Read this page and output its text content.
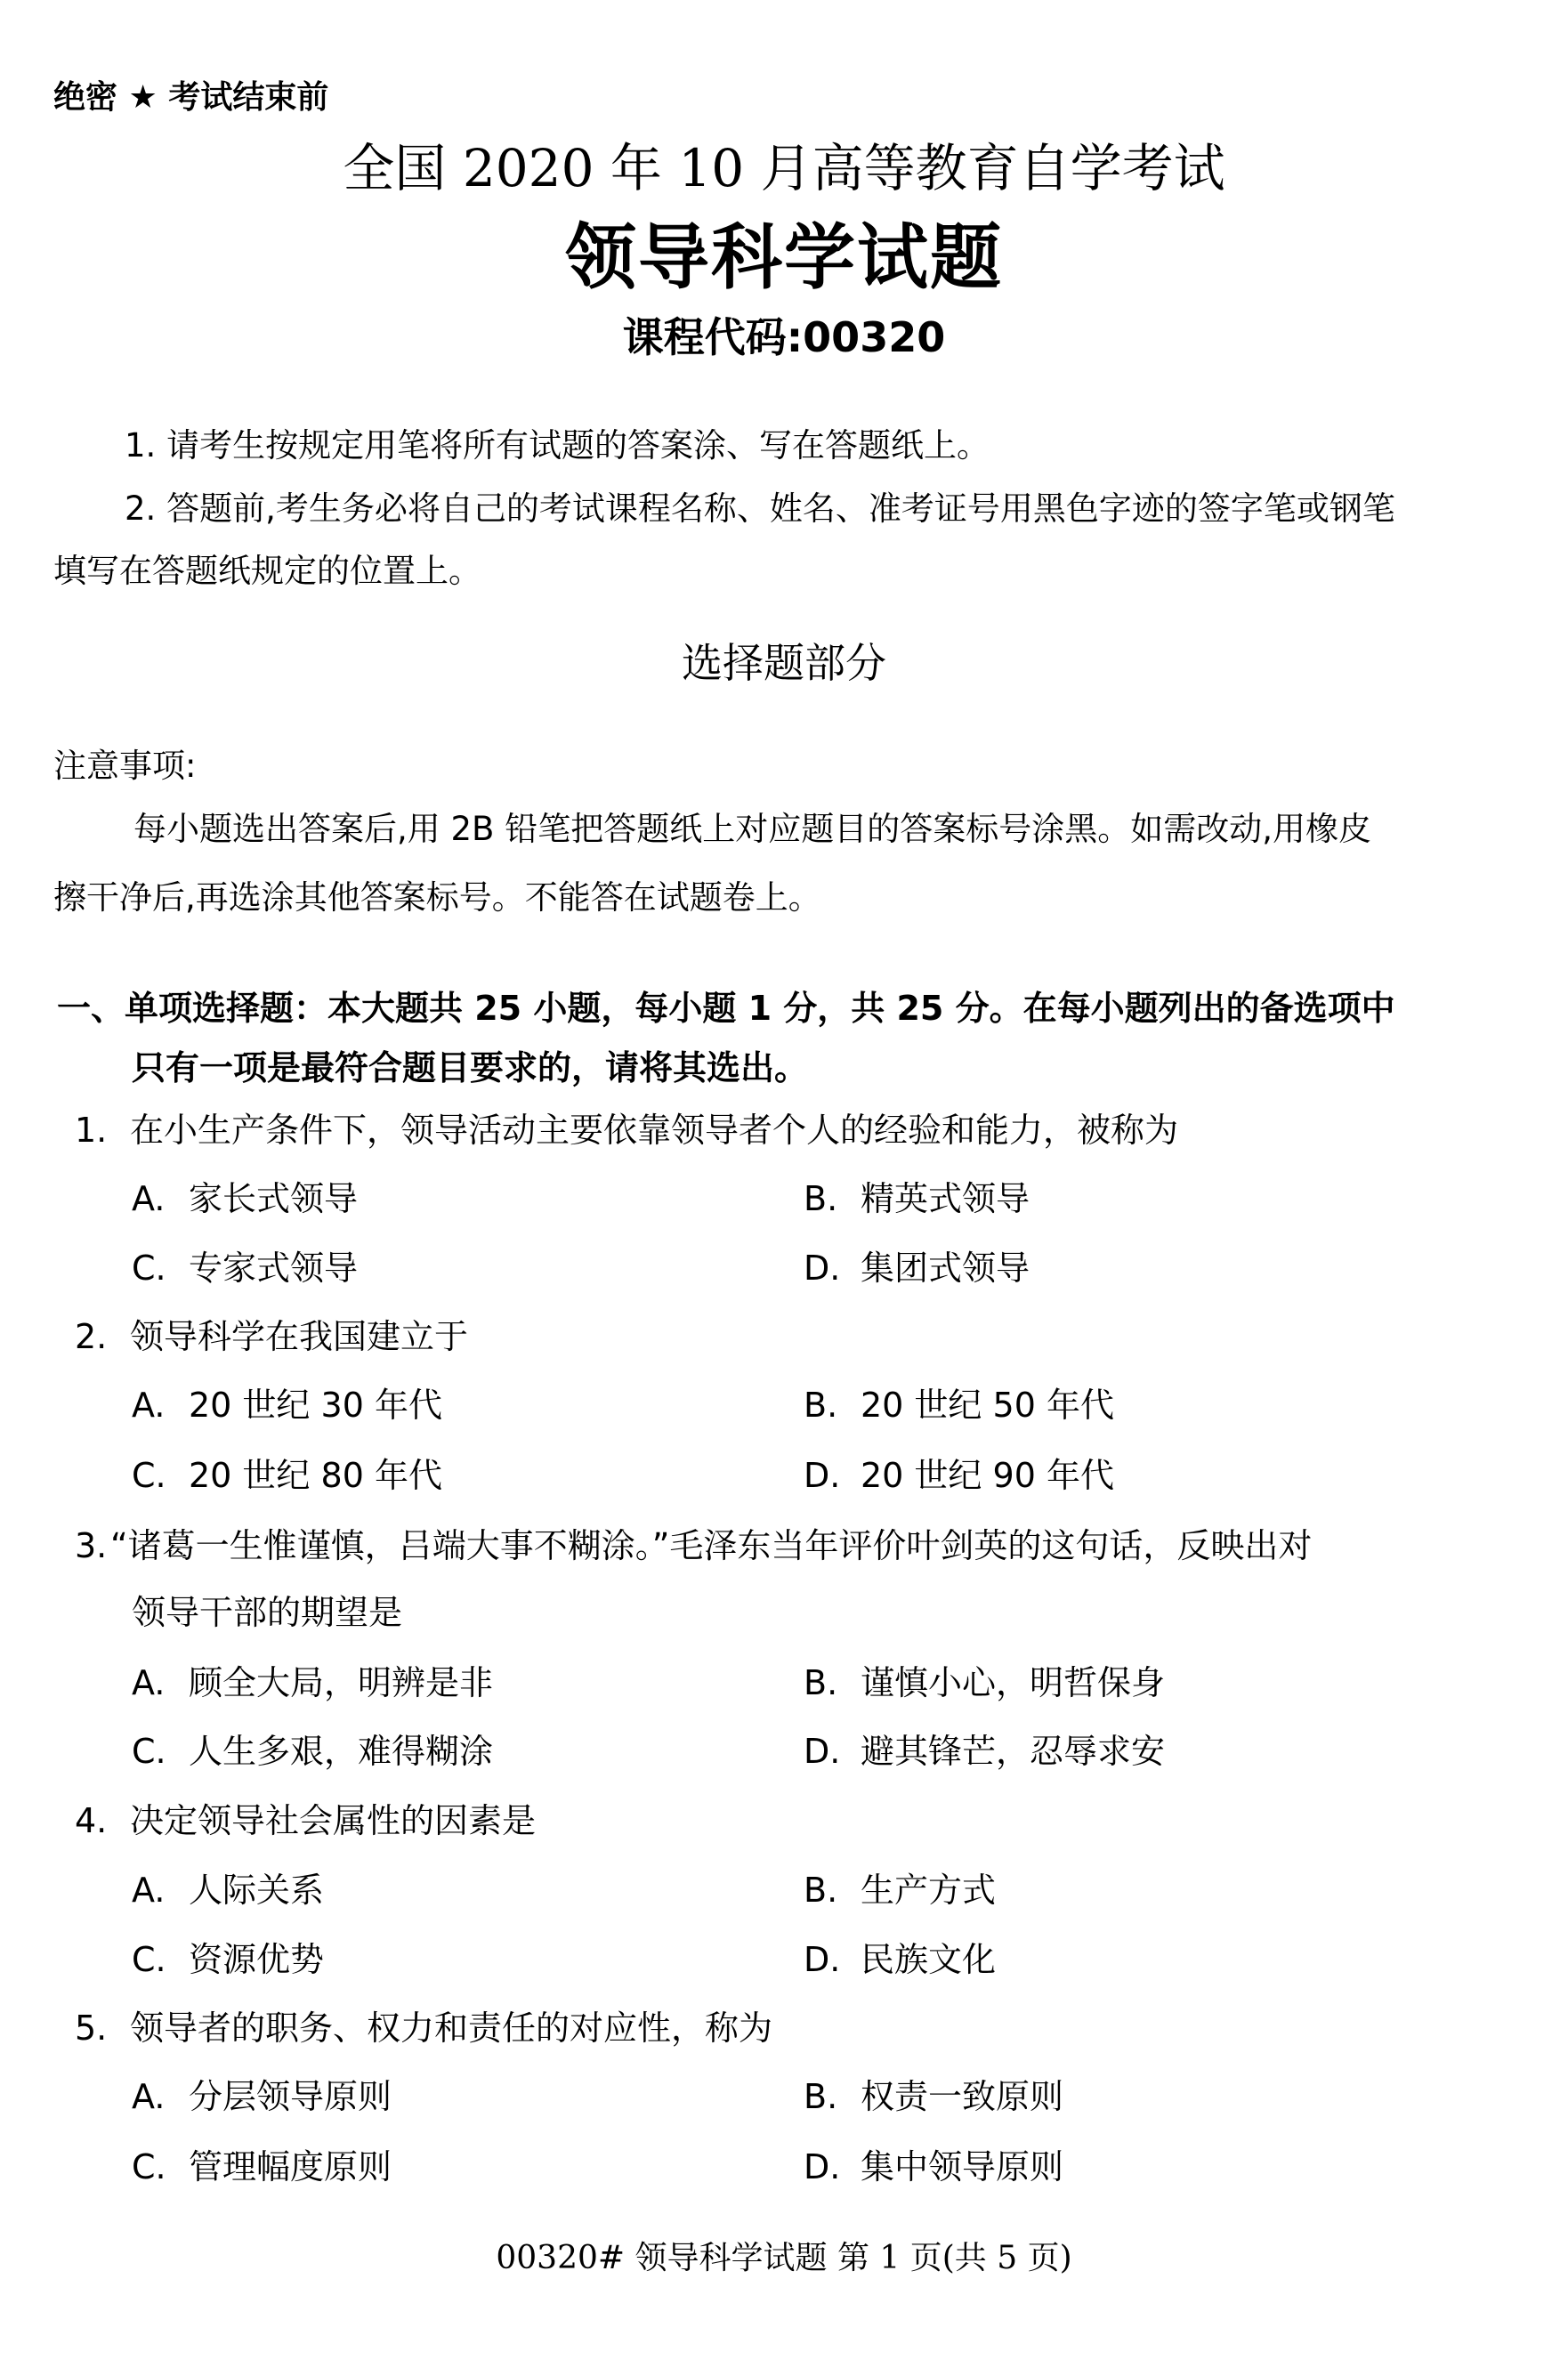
绝密 ★ 考试结束前
全国 2020 年 10 月高等教育自学考试
领导科学试题
课程代码:00320
1. 请考生按规定用笔将所有试题的答案涂、写在答题纸上。
2. 答题前,考生务必将自己的考试课程名称、姓名、准考证号用黑色字迹的签字笔或钢笔
填写在答题纸规定的位置上。
选择题部分
注意事项:
每小题选出答案后,用 2B 铅笔把答题纸上对应题目的答案标号涂黑。如需改动,用橡皮
擦干净后,再选涂其他答案标号。不能答在试题卷上。
一、单项选择题：本大题共 25 小题，每小题 1 分，共 25 分。在每小题列出的备选项中
只有一项是最符合题目要求的，请将其选出。
1. 在小生产条件下，领导活动主要依靠领导者个人的经验和能力，被称为
A. 家长式领导	B. 精英式领导
C. 专家式领导	D. 集团式领导
2. 领导科学在我国建立于
A. 20 世纪 30 年代	B. 20 世纪 50 年代
C. 20 世纪 80 年代	D. 20 世纪 90 年代
3.“诸葛一生惟谨慎，吕端大事不糊涂。”毛泽东当年评价叶剑英的这句话，反映出对
领导干部的期望是
A. 顾全大局，明辨是非	B. 谨慎小心，明哲保身
C. 人生多艰，难得糊涂	D. 避其锋芒，忍辱求安
4. 决定领导社会属性的因素是
A. 人际关系	B. 生产方式
C. 资源优势	D. 民族文化
5. 领导者的职务、权力和责任的对应性，称为
A. 分层领导原则	B. 权责一致原则
C. 管理幅度原则	D. 集中领导原则
00320# 领导科学试题 第 1 页(共 5 页)
